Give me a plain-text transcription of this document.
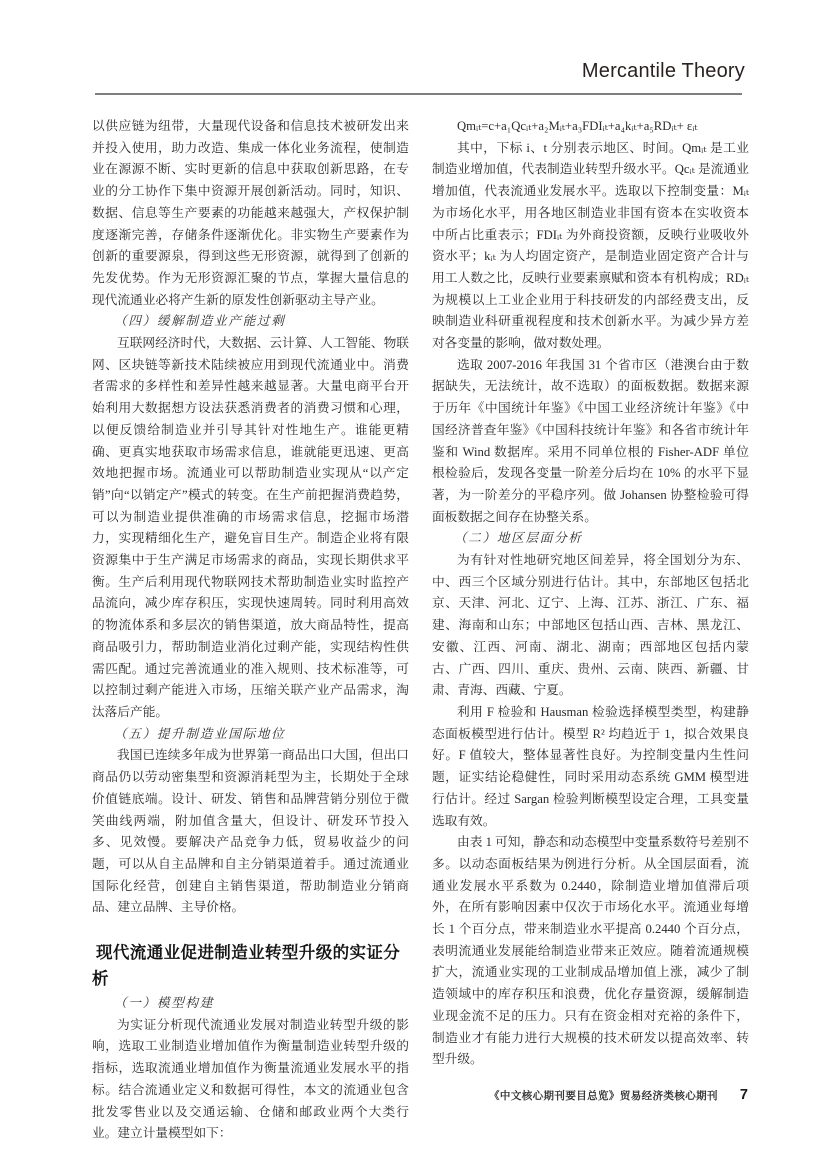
Mercantile Theory

以供应链为纽带，大量现代设备和信息技术被研发出来并投入使用，助力改造、集成一体化业务流程，使制造业在源源不断、实时更新的信息中获取创新思路，在专业的分工协作下集中资源开展创新活动。同时，知识、数据、信息等生产要素的功能越来越强大，产权保护制度逐渐完善，存储条件逐渐优化。非实物生产要素作为创新的重要源泉，得到这些无形资源，就得到了创新的先发优势。作为无形资源汇聚的节点，掌握大量信息的现代流通业必将产生新的原发性创新驱动主导产业。

（四）缓解制造业产能过剩

互联网经济时代，大数据、云计算、人工智能、物联网、区块链等新技术陆续被应用到现代流通业中。消费者需求的多样性和差异性越来越显著。大量电商平台开始利用大数据想方设法获悉消费者的消费习惯和心理，以便反馈给制造业并引导其针对性地生产。谁能更精确、更真实地获取市场需求信息，谁就能更迅速、更高效地把握市场。流通业可以帮助制造业实现从“以产定销”向“以销定产”模式的转变。在生产前把握消费趋势，可以为制造业提供准确的市场需求信息，挖掘市场潜力，实现精细化生产，避免盲目生产。制造企业将有限资源集中于生产满足市场需求的商品，实现长期供求平衡。生产后利用现代物联网技术帮助制造业实时监控产品流向，减少库存积压，实现快速周转。同时利用高效的物流体系和多层次的销售渠道，放大商品特性，提高商品吸引力，帮助制造业消化过剩产能，实现结构性供需匹配。通过完善流通业的准入规则、技术标准等，可以控制过剩产能进入市场，压缩关联产业产品需求，淘汰落后产能。

（五）提升制造业国际地位

我国已连续多年成为世界第一商品出口大国，但出口商品仍以劳动密集型和资源消耗型为主，长期处于全球价值链底端。设计、研发、销售和品牌营销分别位于微笑曲线两端，附加值含量大，但设计、研发环节投入多、见效慢。要解决产品竞争力低，贸易收益少的问题，可以从自主品牌和自主分销渠道着手。通过流通业国际化经营，创建自主销售渠道，帮助制造业分销商品、建立品牌、主导价格。

现代流通业促进制造业转型升级的实证分析
（一）模型构建

为实证分析现代流通业发展对制造业转型升级的影响，选取工业制造业增加值作为衡量制造业转型升级的指标，选取流通业增加值作为衡量流通业发展水平的指标。结合流通业定义和数据可得性，本文的流通业包含批发零售业以及交通运输、仓储和邮政业两个大类行业。建立计量模型如下：

Qmᵢₜ=c+a₁Qcᵢₜ+a₂Mᵢₜ+a₃FDIᵢₜ+a₄kᵢₜ+a₅RDᵢₜ+ εᵢₜ

其中，下标 i、t 分别表示地区、时间。Qmᵢₜ 是工业制造业增加值，代表制造业转型升级水平。Qcᵢₜ 是流通业增加值，代表流通业发展水平。选取以下控制变量：Mᵢₜ 为市场化水平，用各地区制造业非国有资本在实收资本中所占比重表示；FDIᵢₜ 为外商投资额，反映行业吸收外资水平；kᵢₜ 为人均固定资产，是制造业固定资产合计与用工人数之比，反映行业要素禀赋和资本有机构成；RDᵢₜ 为规模以上工业企业用于科技研发的内部经费支出，反映制造业科研重视程度和技术创新水平。为减少异方差对各变量的影响，做对数处理。

选取 2007-2016 年我国 31 个省市区（港澳台由于数据缺失，无法统计，故不选取）的面板数据。数据来源于历年《中国统计年鉴》《中国工业经济统计年鉴》《中国经济普查年鉴》《中国科技统计年鉴》和各省市统计年鉴和 Wind 数据库。采用不同单位根的 Fisher-ADF 单位根检验后，发现各变量一阶差分后均在 10% 的水平下显著，为一阶差分的平稳序列。做 Johansen 协整检验可得面板数据之间存在协整关系。

（二）地区层面分析

为有针对性地研究地区间差异，将全国划分为东、中、西三个区域分别进行估计。其中，东部地区包括北京、天津、河北、辽宁、上海、江苏、浙江、广东、福建、海南和山东；中部地区包括山西、吉林、黑龙江、安徽、江西、河南、湖北、湖南；西部地区包括内蒙古、广西、四川、重庆、贵州、云南、陕西、新疆、甘肃、青海、西藏、宁夏。

利用 F 检验和 Hausman 检验选择模型类型，构建静态面板模型进行估计。模型 R² 均趋近于 1，拟合效果良好。F 值较大，整体显著性良好。为控制变量内生性问题，证实结论稳健性，同时采用动态系统 GMM 模型进行估计。经过 Sargan 检验判断模型设定合理，工具变量选取有效。

由表 1 可知，静态和动态模型中变量系数符号差别不多。以动态面板结果为例进行分析。从全国层面看，流通业发展水平系数为 0.2440，除制造业增加值滞后项外，在所有影响因素中仅次于市场化水平。流通业每增长 1 个百分点，带来制造业水平提高 0.2440 个百分点，表明流通业发展能给制造业带来正效应。随着流通规模扩大，流通业实现的工业制成品增加值上涨，减少了制造领域中的库存积压和浪费，优化存量资源，缓解制造业现金流不足的压力。只有在资金相对充裕的条件下，制造业才有能力进行大规模的技术研发以提高效率、转型升级。

《中文核心期刊要目总览》贸易经济类核心期刊 7
